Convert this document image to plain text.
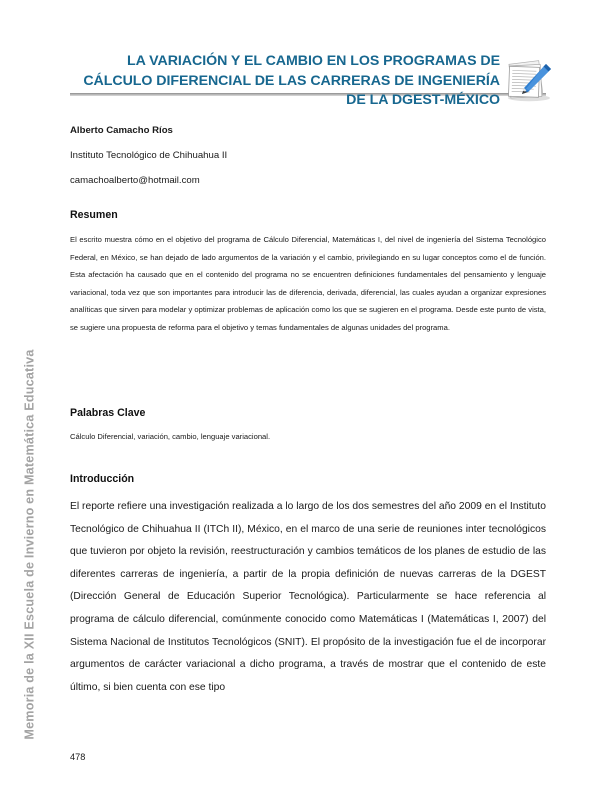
Memoria de la XII Escuela de Invierno en Matemática Educativa
LA VARIACIÓN Y EL CAMBIO EN LOS PROGRAMAS DE CÁLCULO DIFERENCIAL DE LAS CARRERAS DE INGENIERÍA DE LA DGEST-MÉXICO

Alberto Camacho Ríos

Instituto Tecnológico de Chihuahua II

camachoalberto@hotmail.com

Resumen

El escrito muestra cómo en el objetivo del programa de Cálculo Diferencial, Matemáticas I, del nivel de ingeniería del Sistema Tecnológico Federal, en México, se han dejado de lado argumentos de la variación y el cambio, privilegiando en su lugar conceptos como el de función. Esta afectación ha causado que en el contenido del programa no se encuentren definiciones fundamentales del pensamiento y lenguaje variacional, toda vez que son importantes para introducir las de diferencia, derivada, diferencial, las cuales ayudan a organizar expresiones analíticas que sirven para modelar y optimizar problemas de aplicación como los que se sugieren en el programa. Desde este punto de vista, se sugiere una propuesta de reforma para el objetivo y temas fundamentales de algunas unidades del programa.

Palabras Clave

Cálculo Diferencial, variación, cambio, lenguaje variacional.

Introducción

El reporte refiere una investigación realizada a lo largo de los dos semestres del año 2009 en el Instituto Tecnológico de Chihuahua II (ITCh II), México, en el marco de una serie de reuniones inter tecnológicos que tuvieron por objeto la revisión, reestructuración y cambios temáticos de los planes de estudio de las diferentes carreras de ingeniería, a partir de la propia definición de nuevas carreras de la DGEST (Dirección General de Educación Superior Tecnológica). Particularmente se hace referencia al programa de cálculo diferencial, comúnmente conocido como Matemáticas I (Matemáticas I, 2007) del Sistema Nacional de Institutos Tecnológicos (SNIT). El propósito de la investigación fue el de incorporar argumentos de carácter variacional a dicho programa, a través de mostrar que el contenido de este último, si bien cuenta con ese tipo

478
